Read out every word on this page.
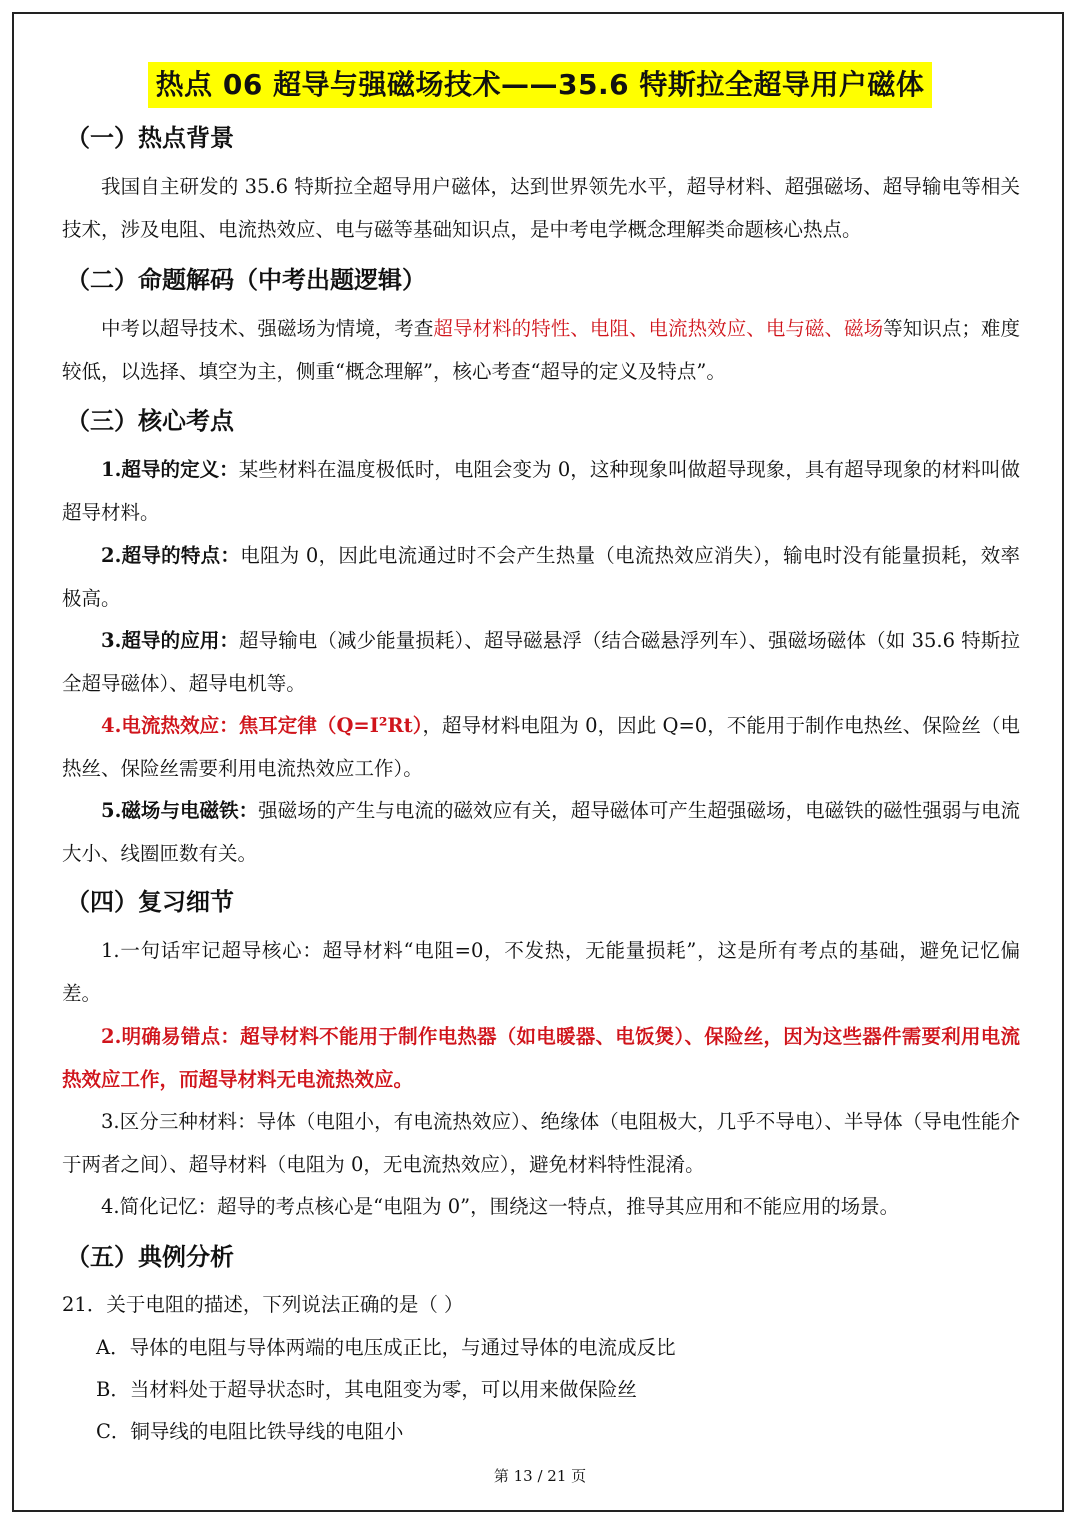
热点 06 超导与强磁场技术——35.6 特斯拉全超导用户磁体
（一）热点背景

我国自主研发的 35.6 特斯拉全超导用户磁体，达到世界领先水平，超导材料、超强磁场、超导输电等相关技术，涉及电阻、电流热效应、电与磁等基础知识点，是中考电学概念理解类命题核心热点。

（二）命题解码（中考出题逻辑）

中考以超导技术、强磁场为情境，考查超导材料的特性、电阻、电流热效应、电与磁、磁场等知识点；难度较低，以选择、填空为主，侧重“概念理解”，核心考查“超导的定义及特点”。

（三）核心考点

1.超导的定义：某些材料在温度极低时，电阻会变为 0，这种现象叫做超导现象，具有超导现象的材料叫做超导材料。

2.超导的特点：电阻为 0，因此电流通过时不会产生热量（电流热效应消失），输电时没有能量损耗，效率极高。

3.超导的应用：超导输电（减少能量损耗）、超导磁悬浮（结合磁悬浮列车）、强磁场磁体（如 35.6 特斯拉全超导磁体）、超导电机等。

4.电流热效应：焦耳定律（Q=I²Rt），超导材料电阻为 0，因此 Q=0，不能用于制作电热丝、保险丝（电热丝、保险丝需要利用电流热效应工作）。

5.磁场与电磁铁：强磁场的产生与电流的磁效应有关，超导磁体可产生超强磁场，电磁铁的磁性强弱与电流大小、线圈匝数有关。

（四）复习细节

1.一句话牢记超导核心：超导材料“电阻=0，不发热，无能量损耗”，这是所有考点的基础，避免记忆偏差。

2.明确易错点：超导材料不能用于制作电热器（如电暖器、电饭煲）、保险丝，因为这些器件需要利用电流热效应工作，而超导材料无电流热效应。

3.区分三种材料：导体（电阻小，有电流热效应）、绝缘体（电阻极大，几乎不导电）、半导体（导电性能介于两者之间）、超导材料（电阻为 0，无电流热效应），避免材料特性混淆。

4.简化记忆：超导的考点核心是“电阻为 0”，围绕这一特点，推导其应用和不能应用的场景。

（五）典例分析

21．关于电阻的描述，下列说法正确的是（ ）

A．导体的电阻与导体两端的电压成正比，与通过导体的电流成反比

B．当材料处于超导状态时，其电阻变为零，可以用来做保险丝

C．铜导线的电阻比铁导线的电阻小

第 13 / 21 页
